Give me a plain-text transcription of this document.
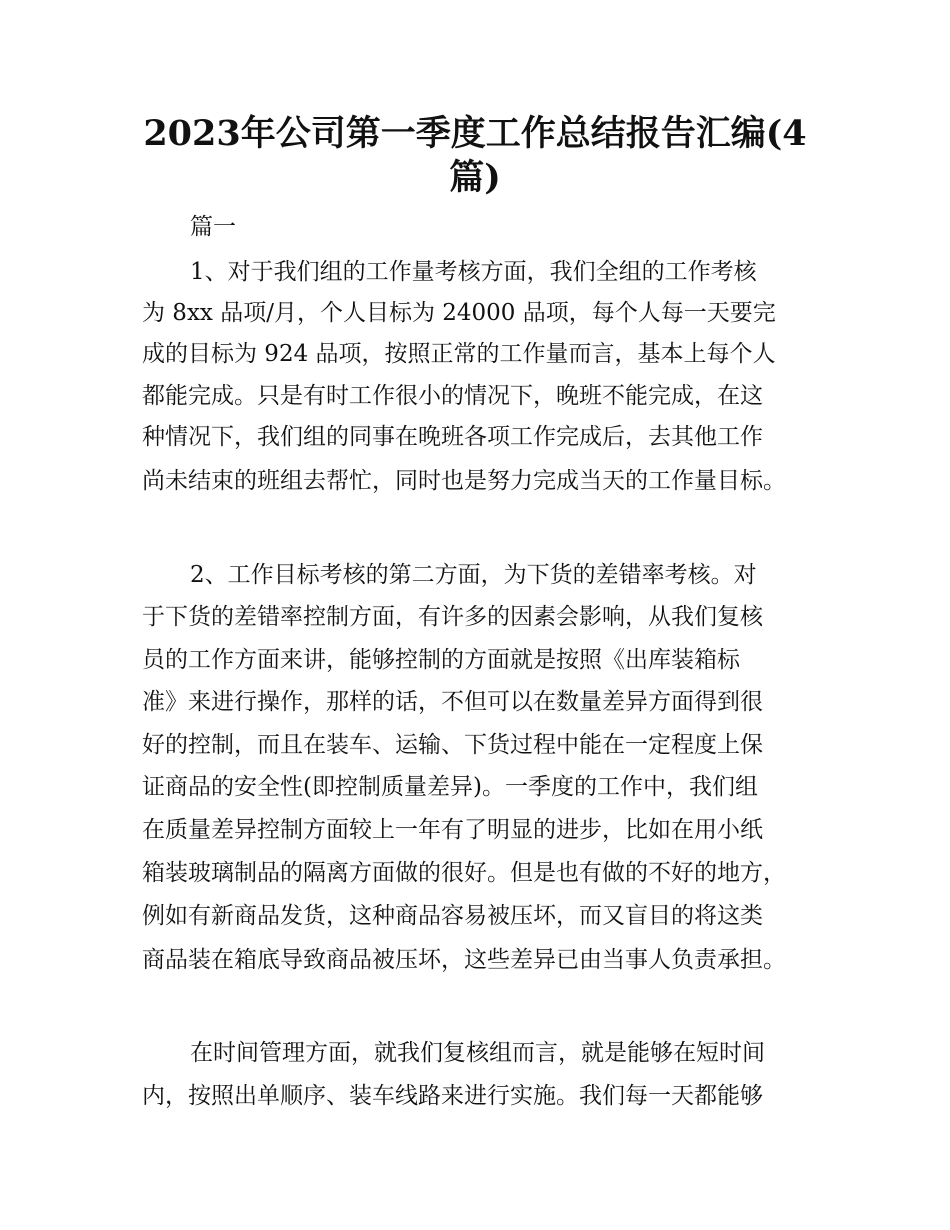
2023年公司第一季度工作总结报告汇编(4
篇)
篇一
1、对于我们组的工作量考核方面，我们全组的工作考核
为 8xx 品项/月，个人目标为 24000 品项，每个人每一天要完
成的目标为 924 品项，按照正常的工作量而言，基本上每个人
都能完成。只是有时工作很小的情况下，晚班不能完成，在这
种情况下，我们组的同事在晚班各项工作完成后，去其他工作
尚未结束的班组去帮忙，同时也是努力完成当天的工作量目标。
2、工作目标考核的第二方面，为下货的差错率考核。对
于下货的差错率控制方面，有许多的因素会影响，从我们复核
员的工作方面来讲，能够控制的方面就是按照《出库装箱标
准》来进行操作，那样的话，不但可以在数量差异方面得到很
好的控制，而且在装车、运输、下货过程中能在一定程度上保
证商品的安全性(即控制质量差异)。一季度的工作中，我们组
在质量差异控制方面较上一年有了明显的进步，比如在用小纸
箱装玻璃制品的隔离方面做的很好。但是也有做的不好的地方，
例如有新商品发货，这种商品容易被压坏，而又盲目的将这类
商品装在箱底导致商品被压坏，这些差异已由当事人负责承担。
在时间管理方面，就我们复核组而言，就是能够在短时间
内，按照出单顺序、装车线路来进行实施。我们每一天都能够
